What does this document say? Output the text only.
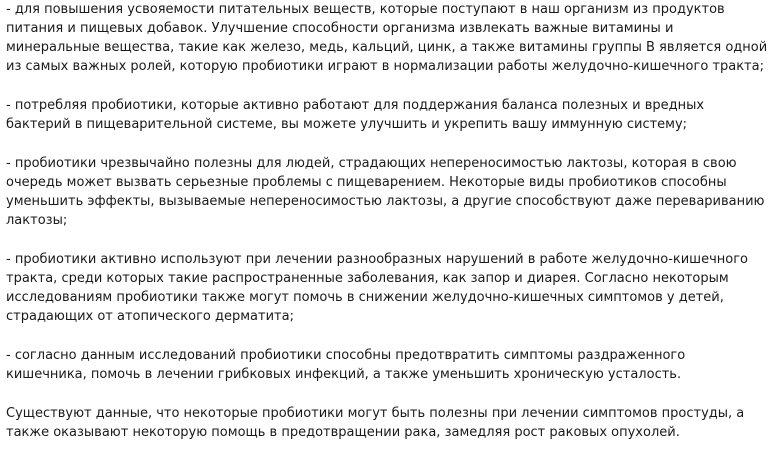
- для повышения усвояемости питательных веществ, которые поступают в наш организм из продуктов питания и пищевых добавок. Улучшение способности организма извлекать важные витамины и минеральные вещества, такие как железо, медь, кальций, цинк, а также витамины группы В является одной из самых важных ролей, которую пробиотики играют в нормализации работы желудочно-кишечного тракта;

- потребляя пробиотики, которые активно работают для поддержания баланса полезных и вредных бактерий в пищеварительной системе, вы можете улучшить и укрепить вашу иммунную систему;

- пробиотики чрезвычайно полезны для людей, страдающих непереносимостью лактозы, которая в свою очередь может вызвать серьезные проблемы с пищеварением. Некоторые виды пробиотиков способны уменьшить эффекты, вызываемые непереносимостью лактозы, а другие способствуют даже перевариванию лактозы;

- пробиотики активно используют при лечении разнообразных нарушений в работе желудочно-кишечного тракта, среди которых такие распространенные заболевания, как запор и диарея. Согласно некоторым исследованиям пробиотики также могут помочь в снижении желудочно-кишечных симптомов у детей, страдающих от атопического дерматита;

- согласно данным исследований пробиотики способны предотвратить симптомы раздраженного кишечника, помочь в лечении грибковых инфекций, а также уменьшить хроническую усталость.

Существуют данные, что некоторые пробиотики могут быть полезны при лечении симптомов простуды, а также оказывают некоторую помощь в предотвращении рака, замедляя рост раковых опухолей.
